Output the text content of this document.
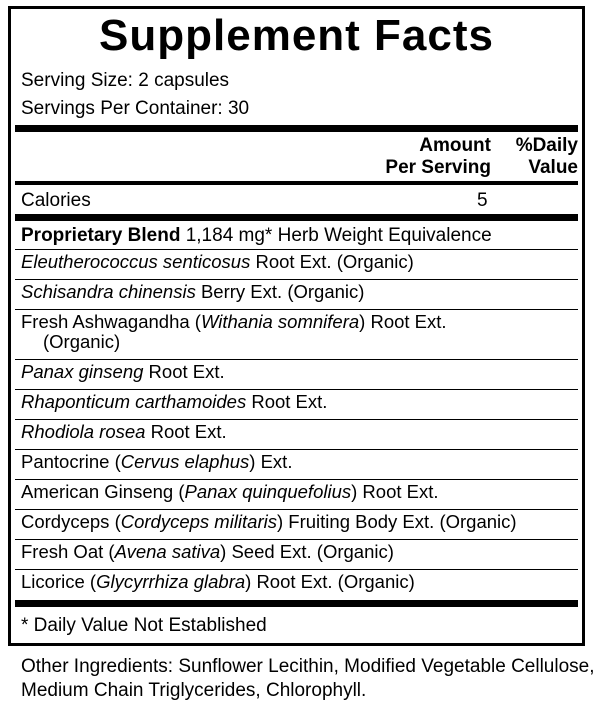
Supplement Facts
Serving Size: 2 capsules
Servings Per Container: 30
Amount
Per Serving
%Daily
Value
Calories	5
Proprietary Blend 1,184 mg* Herb Weight Equivalence
Eleutherococcus senticosus Root Ext. (Organic)
Schisandra chinensis Berry Ext. (Organic)
Fresh Ashwagandha (Withania somnifera) Root Ext.
(Organic)
Panax ginseng Root Ext.
Rhaponticum carthamoides Root Ext.
Rhodiola rosea Root Ext.
Pantocrine (Cervus elaphus) Ext.
American Ginseng (Panax quinquefolius) Root Ext.
Cordyceps (Cordyceps militaris) Fruiting Body Ext. (Organic)
Fresh Oat (Avena sativa) Seed Ext. (Organic)
Licorice (Glycyrrhiza glabra) Root Ext. (Organic)
* Daily Value Not Established
Other Ingredients: Sunflower Lecithin, Modified Vegetable Cellulose, Medium Chain Triglycerides, Chlorophyll.
